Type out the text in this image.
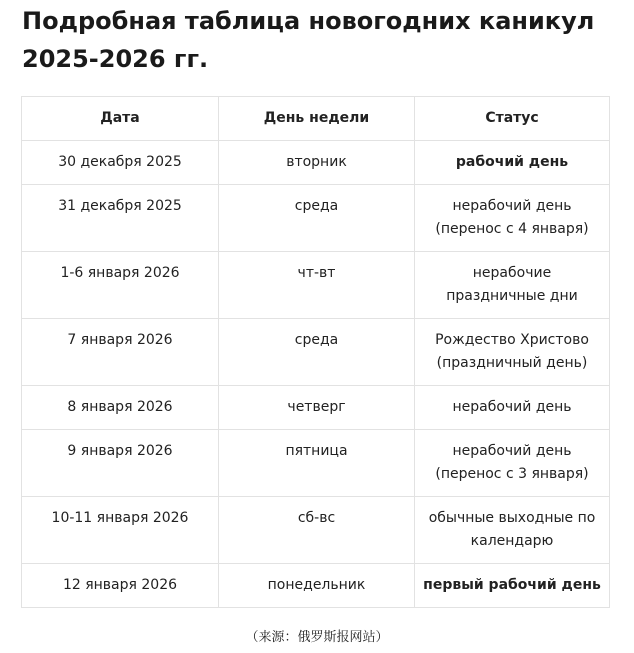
Подробная таблица новогодних каникул 2025-2026 гг.
Дата	День недели	Статус
30 декабря 2025	вторник	рабочий день
31 декабря 2025	среда	нерабочий день (перенос с 4 января)
1-6 января 2026	чт-вт	нерабочие праздничные дни
7 января 2026	среда	Рождество Христово (праздничный день)
8 января 2026	четверг	нерабочий день
9 января 2026	пятница	нерабочий день (перенос с 3 января)
10-11 января 2026	сб-вс	обычные выходные по календарю
12 января 2026	понедельник	первый рабочий день
（来源：俄罗斯报网站）
